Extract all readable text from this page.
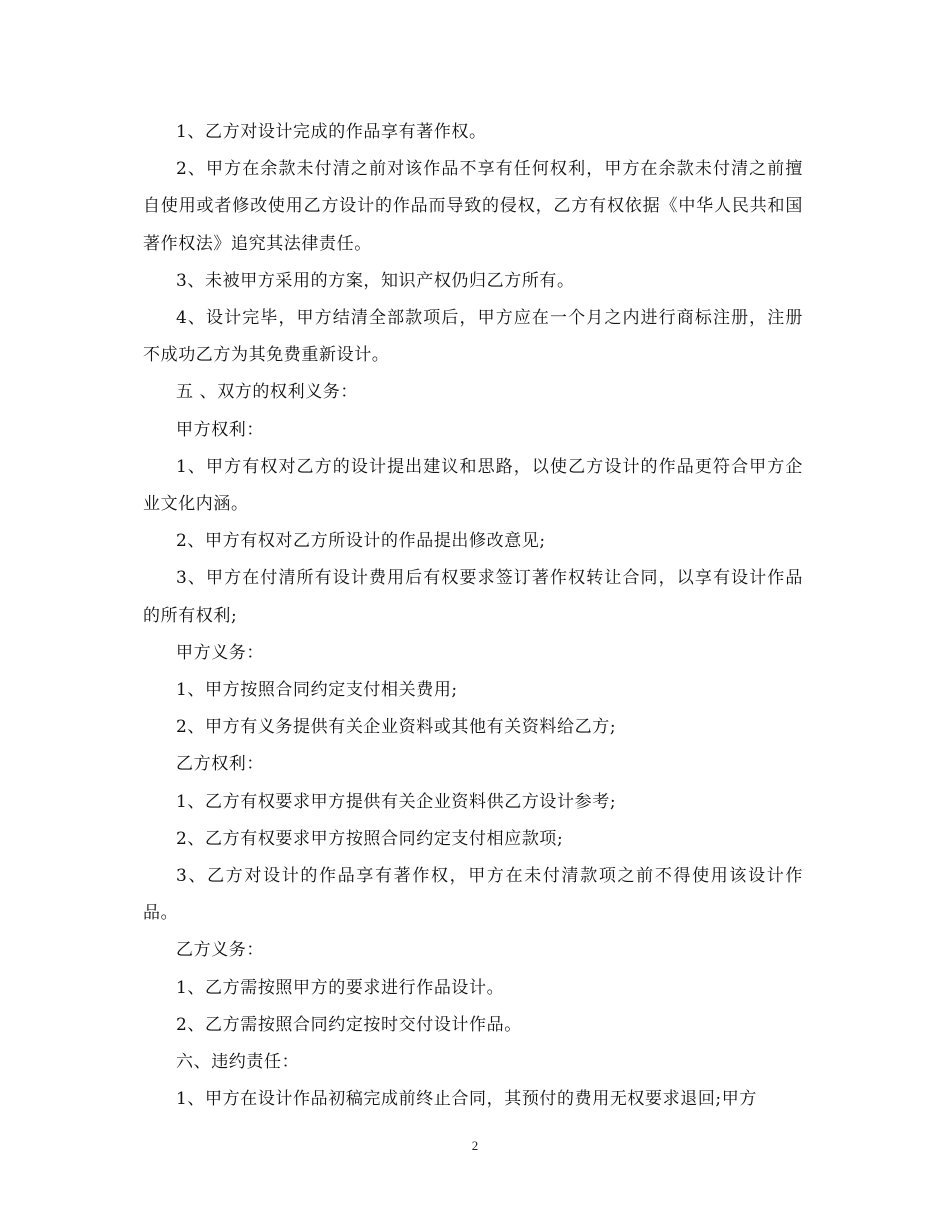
1、乙方对设计完成的作品享有著作权。

2、甲方在余款未付清之前对该作品不享有任何权利，甲方在余款未付清之前擅自使用或者修改使用乙方设计的作品而导致的侵权，乙方有权依据《中华人民共和国著作权法》追究其法律责任。

3、未被甲方采用的方案，知识产权仍归乙方所有。

4、设计完毕，甲方结清全部款项后，甲方应在一个月之内进行商标注册，注册不成功乙方为其免费重新设计。

五 、双方的权利义务：

甲方权利：

1、甲方有权对乙方的设计提出建议和思路，以使乙方设计的作品更符合甲方企业文化内涵。

2、甲方有权对乙方所设计的作品提出修改意见;

3、甲方在付清所有设计费用后有权要求签订著作权转让合同，以享有设计作品的所有权利;

甲方义务：

1、甲方按照合同约定支付相关费用;

2、甲方有义务提供有关企业资料或其他有关资料给乙方;

乙方权利：

1、乙方有权要求甲方提供有关企业资料供乙方设计参考;

2、乙方有权要求甲方按照合同约定支付相应款项;

3、乙方对设计的作品享有著作权，甲方在未付清款项之前不得使用该设计作品。

乙方义务：

1、乙方需按照甲方的要求进行作品设计。

2、乙方需按照合同约定按时交付设计作品。

六、违约责任：

1、甲方在设计作品初稿完成前终止合同，其预付的费用无权要求退回;甲方

2
